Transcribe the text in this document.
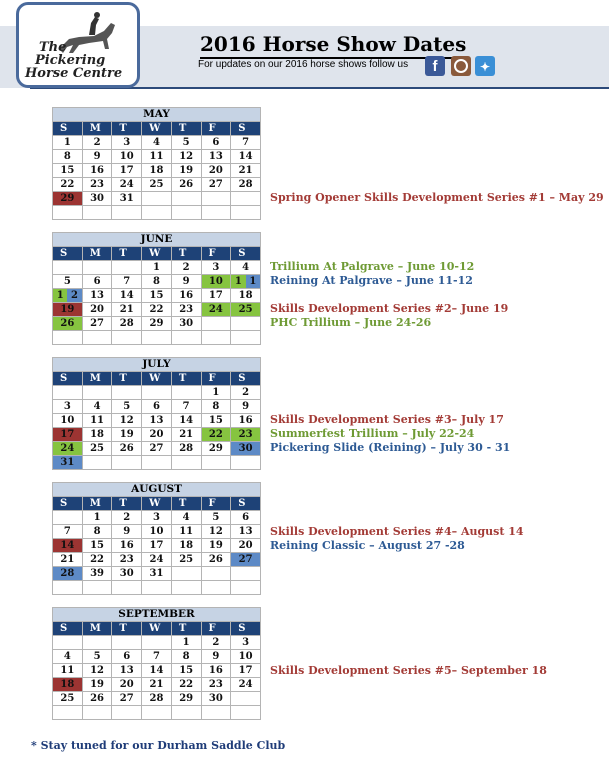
The
Pickering
Horse Centre
2016 Horse Show Dates
For updates on our 2016 horse shows follow us	f	✦
MAY						
S	M	T	W	T	F	S
1	2	3	4	5	6	7
8	9	10	11	12	13	14
15	16	17	18	19	20	21
22	23	24	25	26	27	28
29	30	31				

JUNE						
S	M	T	W	T	F	S
			1	2	3	4
5	6	7	8	9	10	1 1

1 2	13	14	15	16	17	18
19	20	21	22	23	24	25
26	27	28	29	30		

JULY						
S	M	T	W	T	F	S
					1	2
3	4	5	6	7	8	9
10	11	12	13	14	15	16
17	18	19	20	21	22	23
24	25	26	27	28	29	30
31						
AUGUST						
S	M	T	W	T	F	S
	1	2	3	4	5	6
7	8	9	10	11	12	13
14	15	16	17	18	19	20
21	22	23	24	25	26	27
28	39	30	31			

SEPTEMBER						
S	M	T	W	T	F	S
				1	2	3
4	5	6	7	8	9	10
11	12	13	14	15	16	17
18	19	20	21	22	23	24
25	26	27	28	29	30	

Spring Opener Skills Development Series #1 – May 29
Trillium At Palgrave – June 10-12
Reining At Palgrave – June 11-12
Skills Development Series #2– June 19
PHC Trillium – June 24-26
Skills Development Series #3– July 17
Summerfest Trillium – July 22-24
Pickering Slide (Reining) – July 30 - 31
Skills Development Series #4– August 14
Reining Classic – August 27 -28
Skills Development Series #5– September 18
* Stay tuned for our Durham Saddle Club
